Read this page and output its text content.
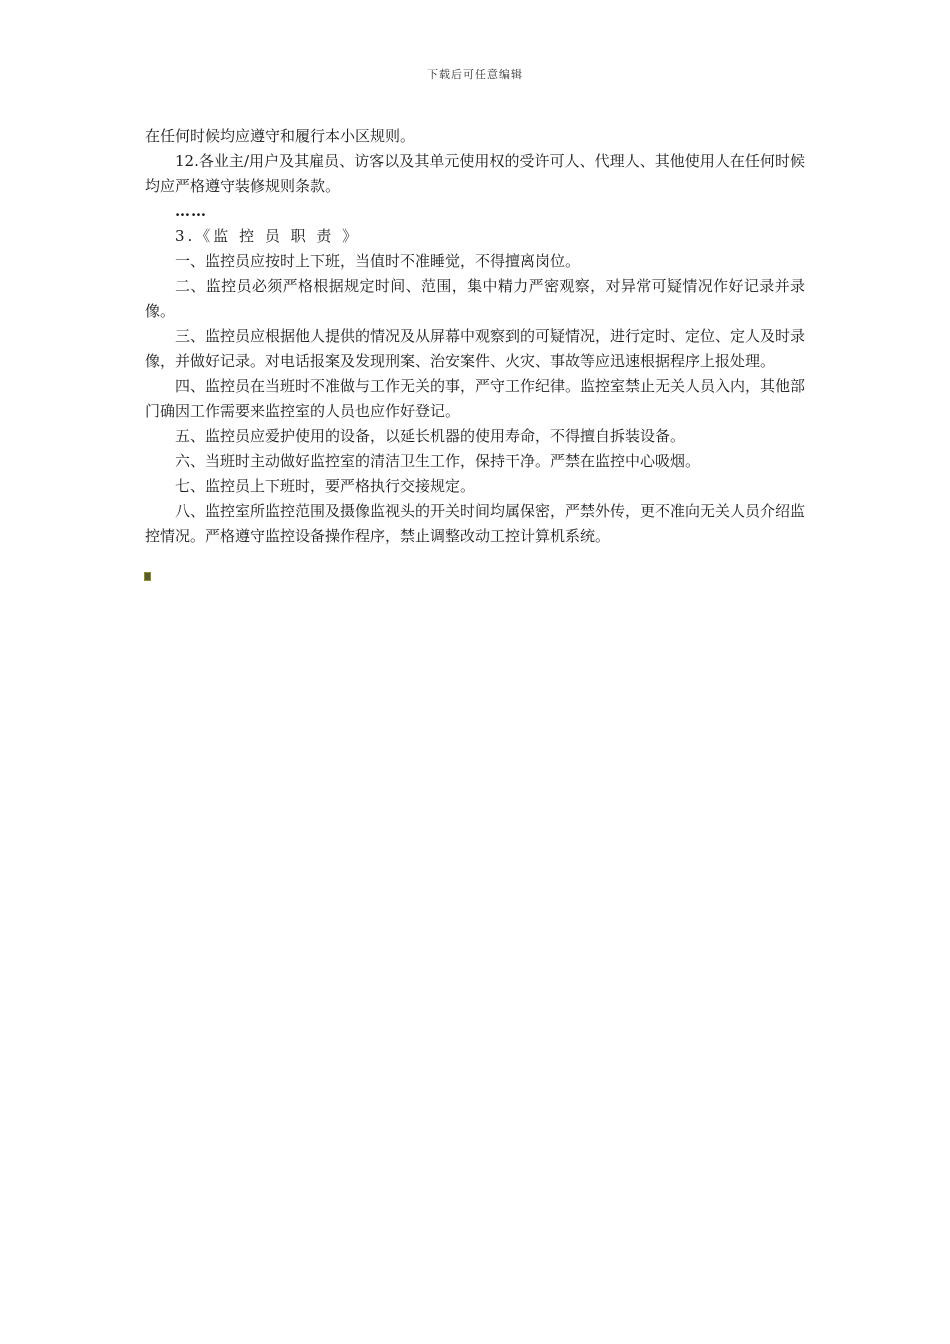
下载后可任意编辑

在任何时候均应遵守和履行本小区规则。

12.各业主/用户及其雇员、访客以及其单元使用权的受许可人、代理人、其他使用人在任何时候均应严格遵守装修规则条款。

……

3.《监 控 员 职 责 》

一、监控员应按时上下班，当值时不准睡觉，不得擅离岗位。

二、监控员必须严格根据规定时间、范围，集中精力严密观察，对异常可疑情况作好记录并录像。

三、监控员应根据他人提供的情况及从屏幕中观察到的可疑情况，进行定时、定位、定人及时录像，并做好记录。对电话报案及发现刑案、治安案件、火灾、事故等应迅速根据程序上报处理。

四、监控员在当班时不准做与工作无关的事，严守工作纪律。监控室禁止无关人员入内，其他部门确因工作需要来监控室的人员也应作好登记。

五、监控员应爱护使用的设备，以延长机器的使用寿命，不得擅自拆装设备。

六、当班时主动做好监控室的清洁卫生工作，保持干净。严禁在监控中心吸烟。

七、监控员上下班时，要严格执行交接规定。

八、监控室所监控范围及摄像监视头的开关时间均属保密，严禁外传，更不准向无关人员介绍监控情况。严格遵守监控设备操作程序，禁止调整改动工控计算机系统。
